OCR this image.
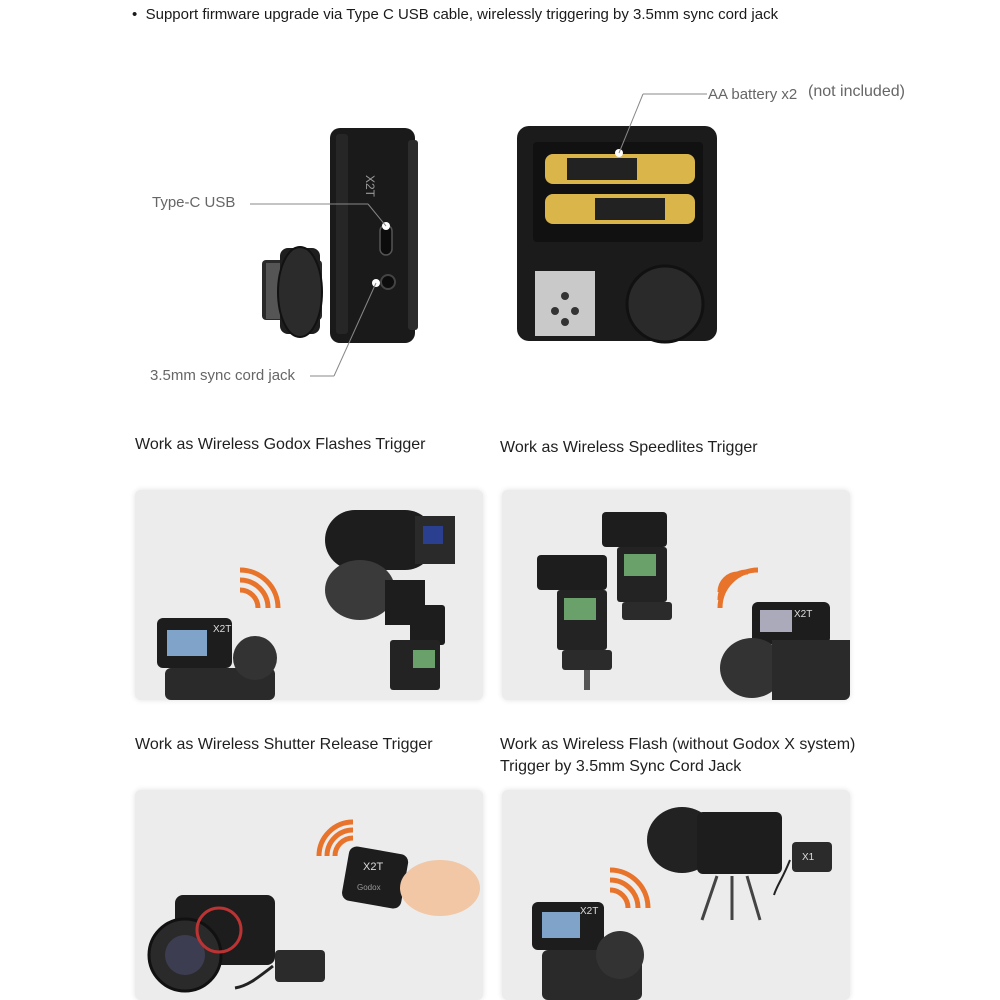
• Support firmware upgrade via Type C USB cable, wirelessly triggering by 3.5mm sync cord jack
X2T
Type-C USB
3.5mm sync cord jack
AA battery x2 (not included)
Work as Wireless Godox Flashes Trigger	Work as Wireless Speedlites Trigger
X2T
X2T
Work as Wireless Shutter Release Trigger	Work as Wireless Flash (without Godox X system)
Trigger by 3.5mm Sync Cord Jack
X2T
Godox
X1
X2T
